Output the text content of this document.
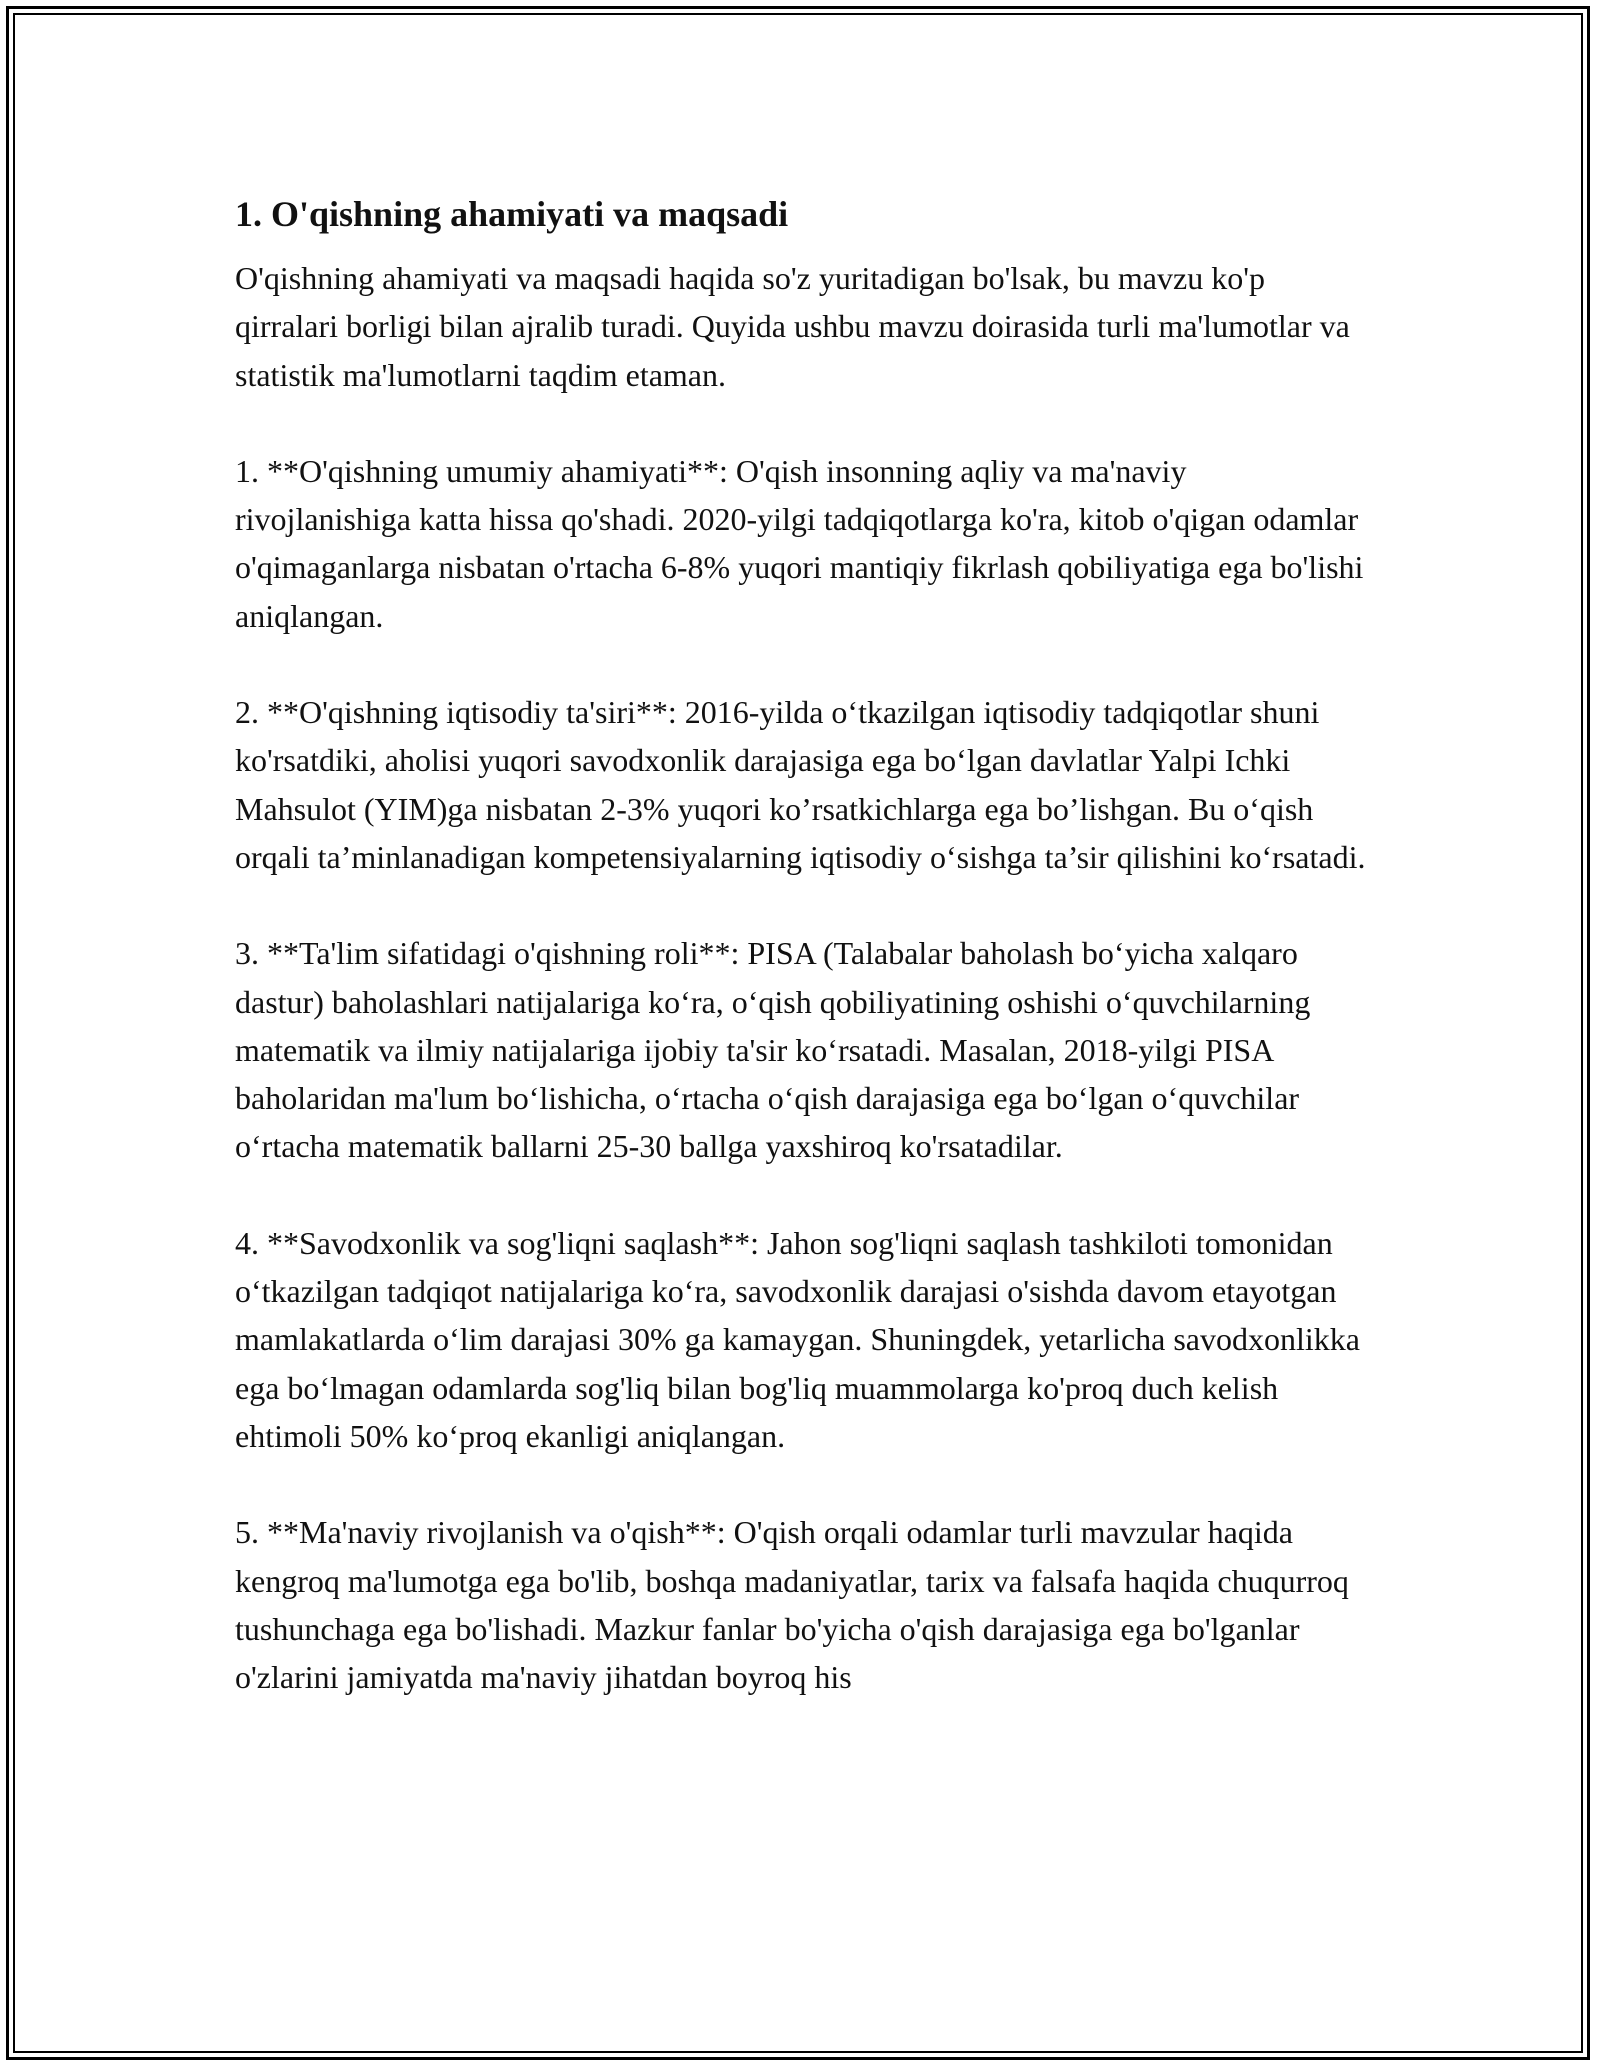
1. O'qishning ahamiyati va maqsadi

O'qishning ahamiyati va maqsadi haqida so'z yuritadigan bo'lsak, bu mavzu ko'p qirralari borligi bilan ajralib turadi. Quyida ushbu mavzu doirasida turli ma'lumotlar va statistik ma'lumotlarni taqdim etaman.

1. **O'qishning umumiy ahamiyati**: O'qish insonning aqliy va ma'naviy rivojlanishiga katta hissa qo'shadi. 2020-yilgi tadqiqotlarga ko'ra, kitob o'qigan odamlar o'qimaganlarga nisbatan o'rtacha 6-8% yuqori mantiqiy fikrlash qobiliyatiga ega bo'lishi aniqlangan.

2. **O'qishning iqtisodiy ta'siri**: 2016-yilda o‘tkazilgan iqtisodiy tadqiqotlar shuni ko'rsatdiki, aholisi yuqori savodxonlik darajasiga ega bo‘lgan davlatlar Yalpi Ichki Mahsulot (YIM)ga nisbatan 2-3% yuqori ko’rsatkichlarga ega bo’lishgan. Bu o‘qish orqali ta’minlanadigan kompetensiyalarning iqtisodiy o‘sishga ta’sir qilishini ko‘rsatadi.

3. **Ta'lim sifatidagi o'qishning roli**: PISA (Talabalar baholash bo‘yicha xalqaro dastur) baholashlari natijalariga ko‘ra, o‘qish qobiliyatining oshishi o‘quvchilarning matematik va ilmiy natijalariga ijobiy ta'sir ko‘rsatadi. Masalan, 2018-yilgi PISA baholaridan ma'lum bo‘lishicha, o‘rtacha o‘qish darajasiga ega bo‘lgan o‘quvchilar o‘rtacha matematik ballarni 25-30 ballga yaxshiroq ko'rsatadilar.

4. **Savodxonlik va sog'liqni saqlash**: Jahon sog'liqni saqlash tashkiloti tomonidan o‘tkazilgan tadqiqot natijalariga ko‘ra, savodxonlik darajasi o'sishda davom etayotgan mamlakatlarda o‘lim darajasi 30% ga kamaygan. Shuningdek, yetarlicha savodxonlikka ega bo‘lmagan odamlarda sog'liq bilan bog'liq muammolarga ko'proq duch kelish ehtimoli 50% ko‘proq ekanligi aniqlangan.

5. **Ma'naviy rivojlanish va o'qish**: O'qish orqali odamlar turli mavzular haqida kengroq ma'lumotga ega bo'lib, boshqa madaniyatlar, tarix va falsafa haqida chuqurroq tushunchaga ega bo'lishadi. Mazkur fanlar bo'yicha o'qish darajasiga ega bo'lganlar o'zlarini jamiyatda ma'naviy jihatdan boyroq his
